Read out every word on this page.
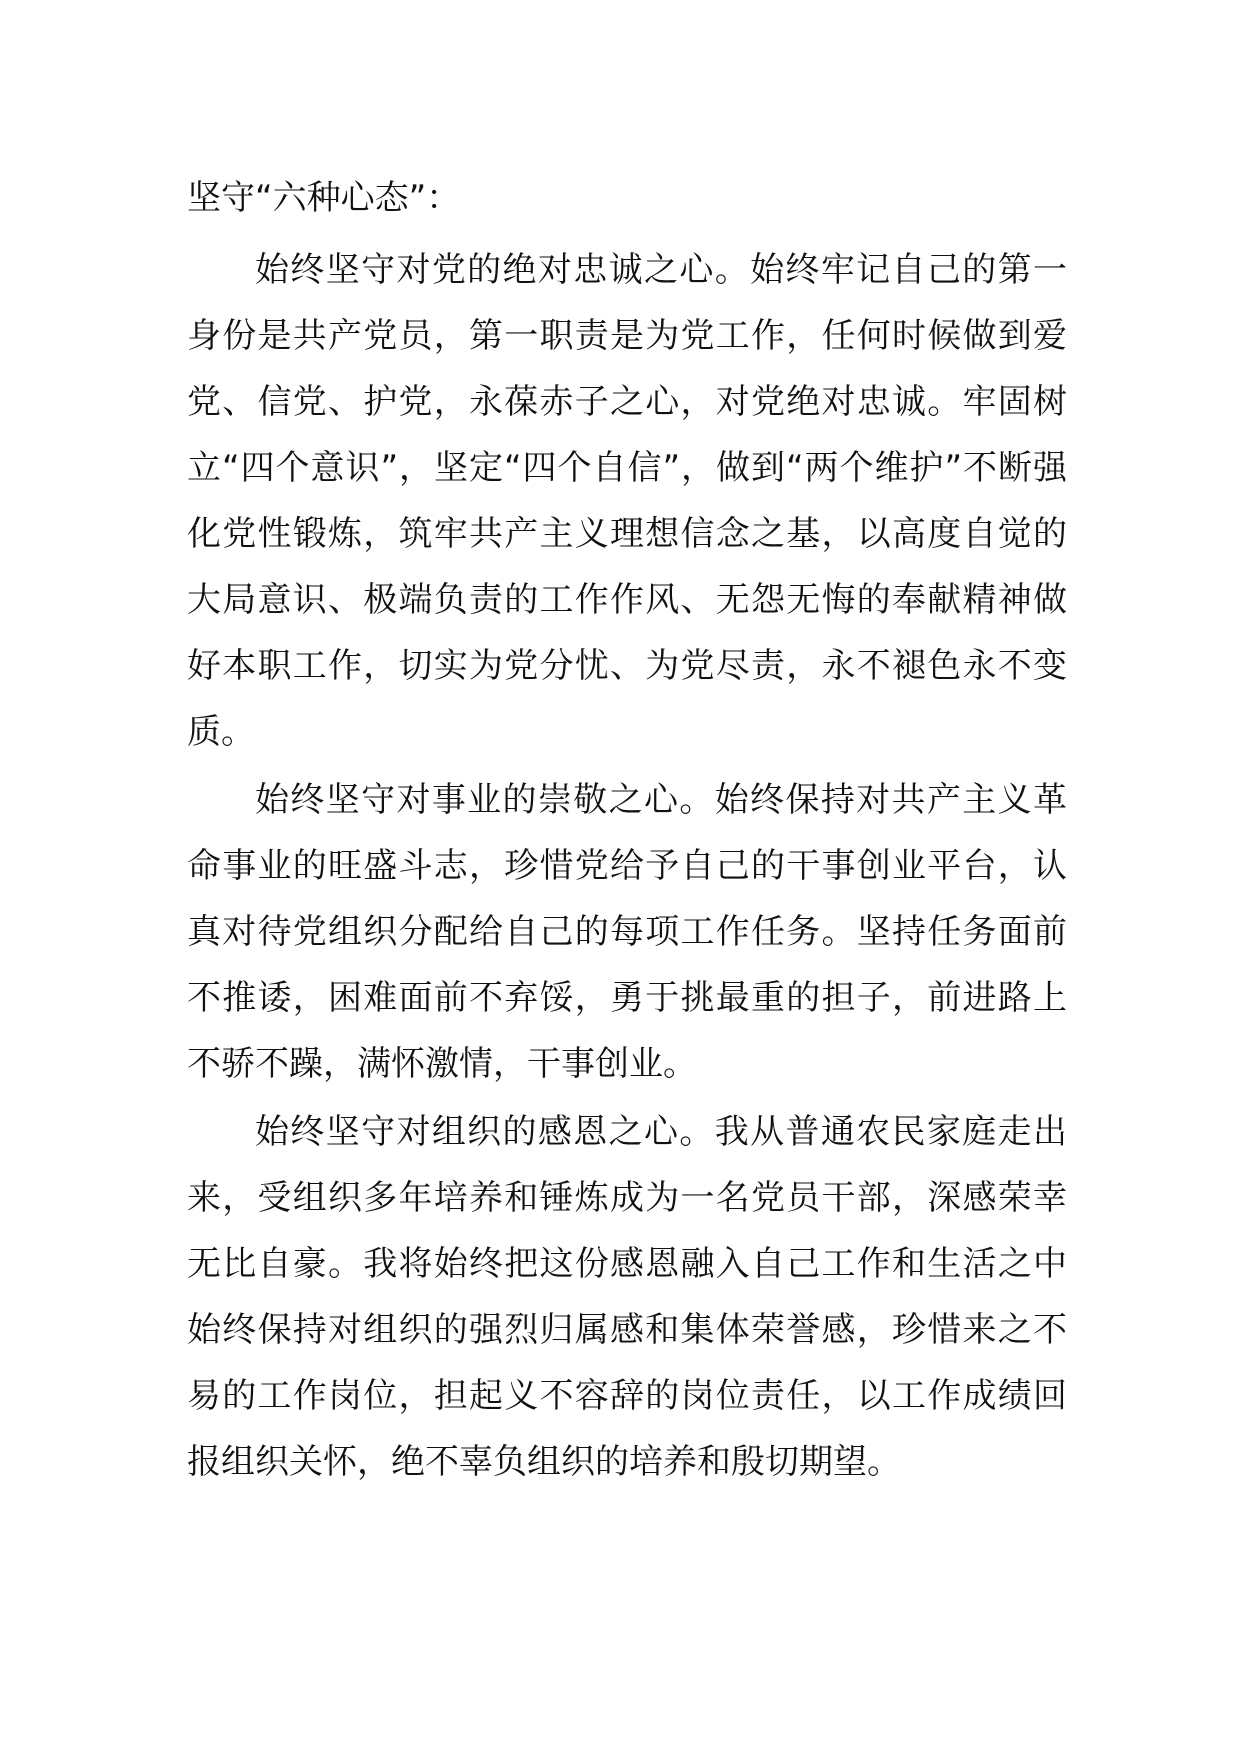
坚守“六种心态”：

始终坚守对党的绝对忠诚之心。始终牢记自己的第一身份是共产党员，第一职责是为党工作，任何时候做到爱党、信党、护党，永葆赤子之心，对党绝对忠诚。牢固树立“四个意识”，坚定“四个自信”，做到“两个维护”不断强化党性锻炼，筑牢共产主义理想信念之基，以高度自觉的大局意识、极端负责的工作作风、无怨无悔的奉献精神做好本职工作，切实为党分忧、为党尽责，永不褪色永不变质。

始终坚守对事业的崇敬之心。始终保持对共产主义革命事业的旺盛斗志，珍惜党给予自己的干事创业平台，认真对待党组织分配给自己的每项工作任务。坚持任务面前不推诿，困难面前不弃馁，勇于挑最重的担子，前进路上不骄不躁，满怀激情，干事创业。

始终坚守对组织的感恩之心。我从普通农民家庭走出来，受组织多年培养和锤炼成为一名党员干部，深感荣幸无比自豪。我将始终把这份感恩融入自己工作和生活之中始终保持对组织的强烈归属感和集体荣誉感，珍惜来之不易的工作岗位，担起义不容辞的岗位责任，以工作成绩回报组织关怀，绝不辜负组织的培养和殷切期望。
